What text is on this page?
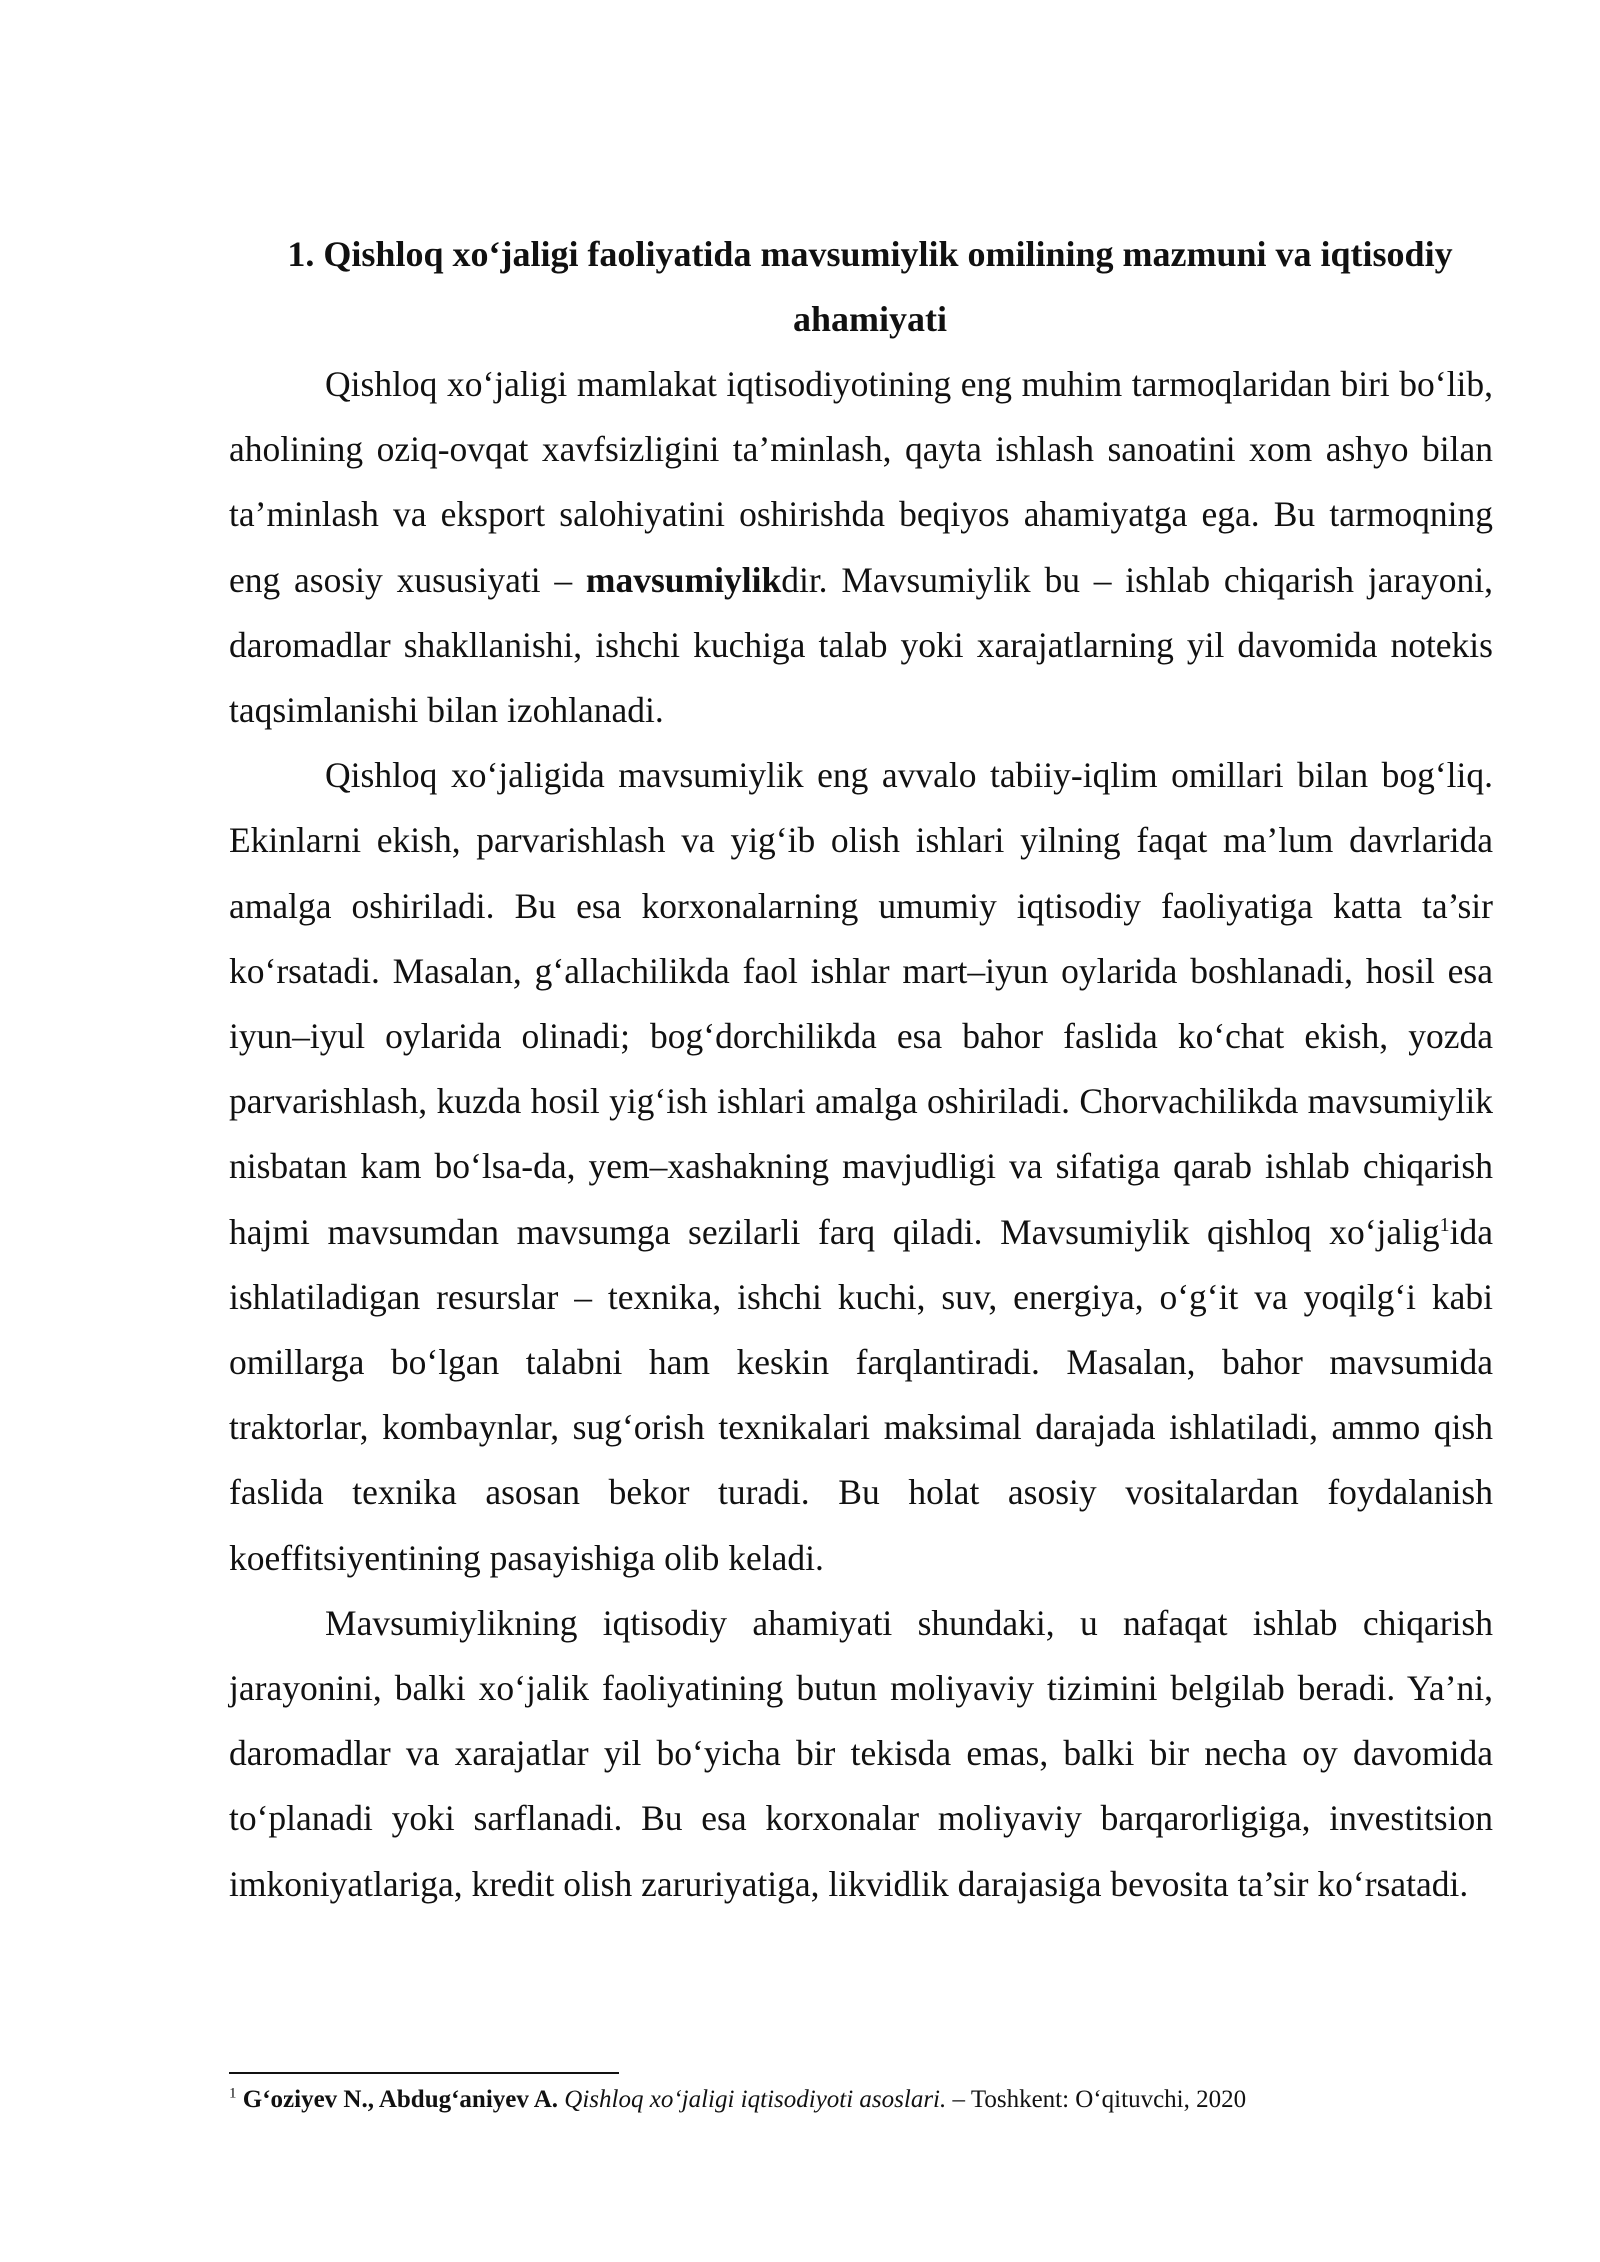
1. Qishloq xo‘jaligi faoliyatida mavsumiylik omilining mazmuni va iqtisodiy ahamiyati

Qishloq xo‘jaligi mamlakat iqtisodiyotining eng muhim tarmoqlaridan biri bo‘lib, aholining oziq-ovqat xavfsizligini ta’minlash, qayta ishlash sanoatini xom ashyo bilan ta’minlash va eksport salohiyatini oshirishda beqiyos ahamiyatga ega. Bu tarmoqning eng asosiy xususiyati – mavsumiylikdir. Mavsumiylik bu – ishlab chiqarish jarayoni, daromadlar shakllanishi, ishchi kuchiga talab yoki xarajatlarning yil davomida notekis taqsimlanishi bilan izohlanadi.

Qishloq xo‘jaligida mavsumiylik eng avvalo tabiiy-iqlim omillari bilan bog‘liq. Ekinlarni ekish, parvarishlash va yig‘ib olish ishlari yilning faqat ma’lum davrlarida amalga oshiriladi. Bu esa korxonalarning umumiy iqtisodiy faoliyatiga katta ta’sir ko‘rsatadi. Masalan, g‘allachilikda faol ishlar mart–iyun oylarida boshlanadi, hosil esa iyun–iyul oylarida olinadi; bog‘dorchilikda esa bahor faslida ko‘chat ekish, yozda parvarishlash, kuzda hosil yig‘ish ishlari amalga oshiriladi. Chorvachilikda mavsumiylik nisbatan kam bo‘lsa-da, yem–xashakning mavjudligi va sifatiga qarab ishlab chiqarish hajmi mavsumdan mavsumga sezilarli farq qiladi. Mavsumiylik qishloq xo‘jalig$^1$ida ishlatiladigan resurslar – texnika, ishchi kuchi, suv, energiya, o‘g‘it va yoqilg‘i kabi omillarga bo‘lgan talabni ham keskin farqlantiradi. Masalan, bahor mavsumida traktorlar, kombaynlar, sug‘orish texnikalari maksimal darajada ishlatiladi, ammo qish faslida texnika asosan bekor turadi. Bu holat asosiy vositalardan foydalanish koeffitsiyentining pasayishiga olib keladi.

Mavsumiylikning iqtisodiy ahamiyati shundaki, u nafaqat ishlab chiqarish jarayonini, balki xo‘jalik faoliyatining butun moliyaviy tizimini belgilab beradi. Ya’ni, daromadlar va xarajatlar yil bo‘yicha bir tekisda emas, balki bir necha oy davomida to‘planadi yoki sarflanadi. Bu esa korxonalar moliyaviy barqarorligiga, investitsion imkoniyatlariga, kredit olish zaruriyatiga, likvidlik darajasiga bevosita ta’sir ko‘rsatadi.

$^1$ G‘oziyev N., Abdug‘aniyev A. Qishloq xo‘jaligi iqtisodiyoti asoslari. – Toshkent: O‘qituvchi, 2020
